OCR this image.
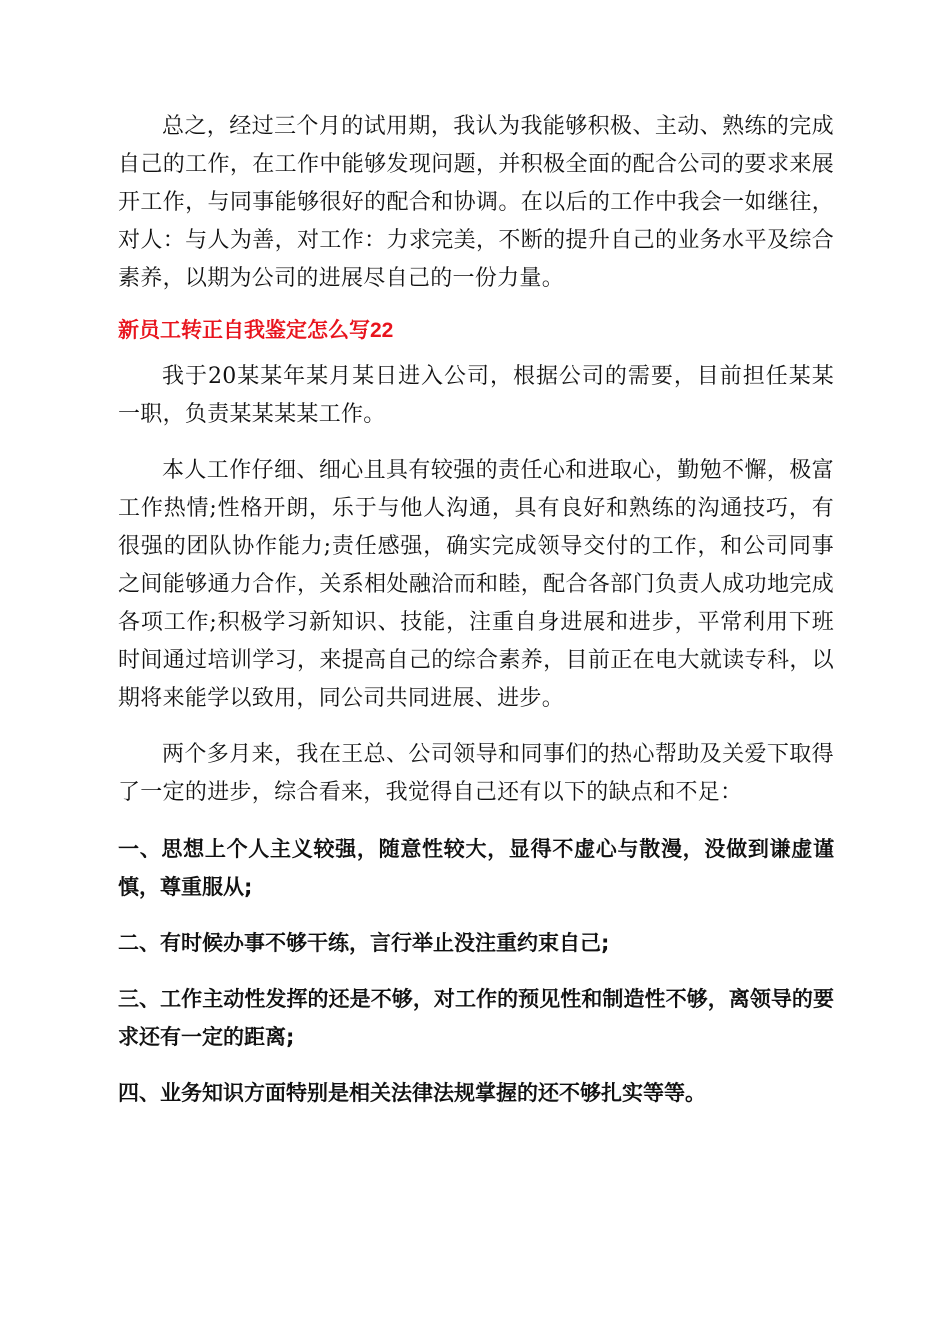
总之，经过三个月的试用期，我认为我能够积极、主动、熟练的完成自己的工作，在工作中能够发现问题，并积极全面的配合公司的要求来展开工作，与同事能够很好的配合和协调。在以后的工作中我会一如继往，对人：与人为善，对工作：力求完美，不断的提升自己的业务水平及综合素养，以期为公司的进展尽自己的一份力量。

新员工转正自我鉴定怎么写22

我于20某某年某月某日进入公司，根据公司的需要，目前担任某某一职，负责某某某某工作。

本人工作仔细、细心且具有较强的责任心和进取心，勤勉不懈，极富工作热情;性格开朗，乐于与他人沟通，具有良好和熟练的沟通技巧，有很强的团队协作能力;责任感强，确实完成领导交付的工作，和公司同事之间能够通力合作，关系相处融洽而和睦，配合各部门负责人成功地完成各项工作;积极学习新知识、技能，注重自身进展和进步，平常利用下班时间通过培训学习，来提高自己的综合素养，目前正在电大就读专科，以期将来能学以致用，同公司共同进展、进步。

两个多月来，我在王总、公司领导和同事们的热心帮助及关爱下取得了一定的进步，综合看来，我觉得自己还有以下的缺点和不足：

一、思想上个人主义较强，随意性较大，显得不虚心与散漫，没做到谦虚谨慎，尊重服从;

二、有时候办事不够干练，言行举止没注重约束自己;

三、工作主动性发挥的还是不够，对工作的预见性和制造性不够，离领导的要求还有一定的距离;

四、业务知识方面特别是相关法律法规掌握的还不够扎实等等。
